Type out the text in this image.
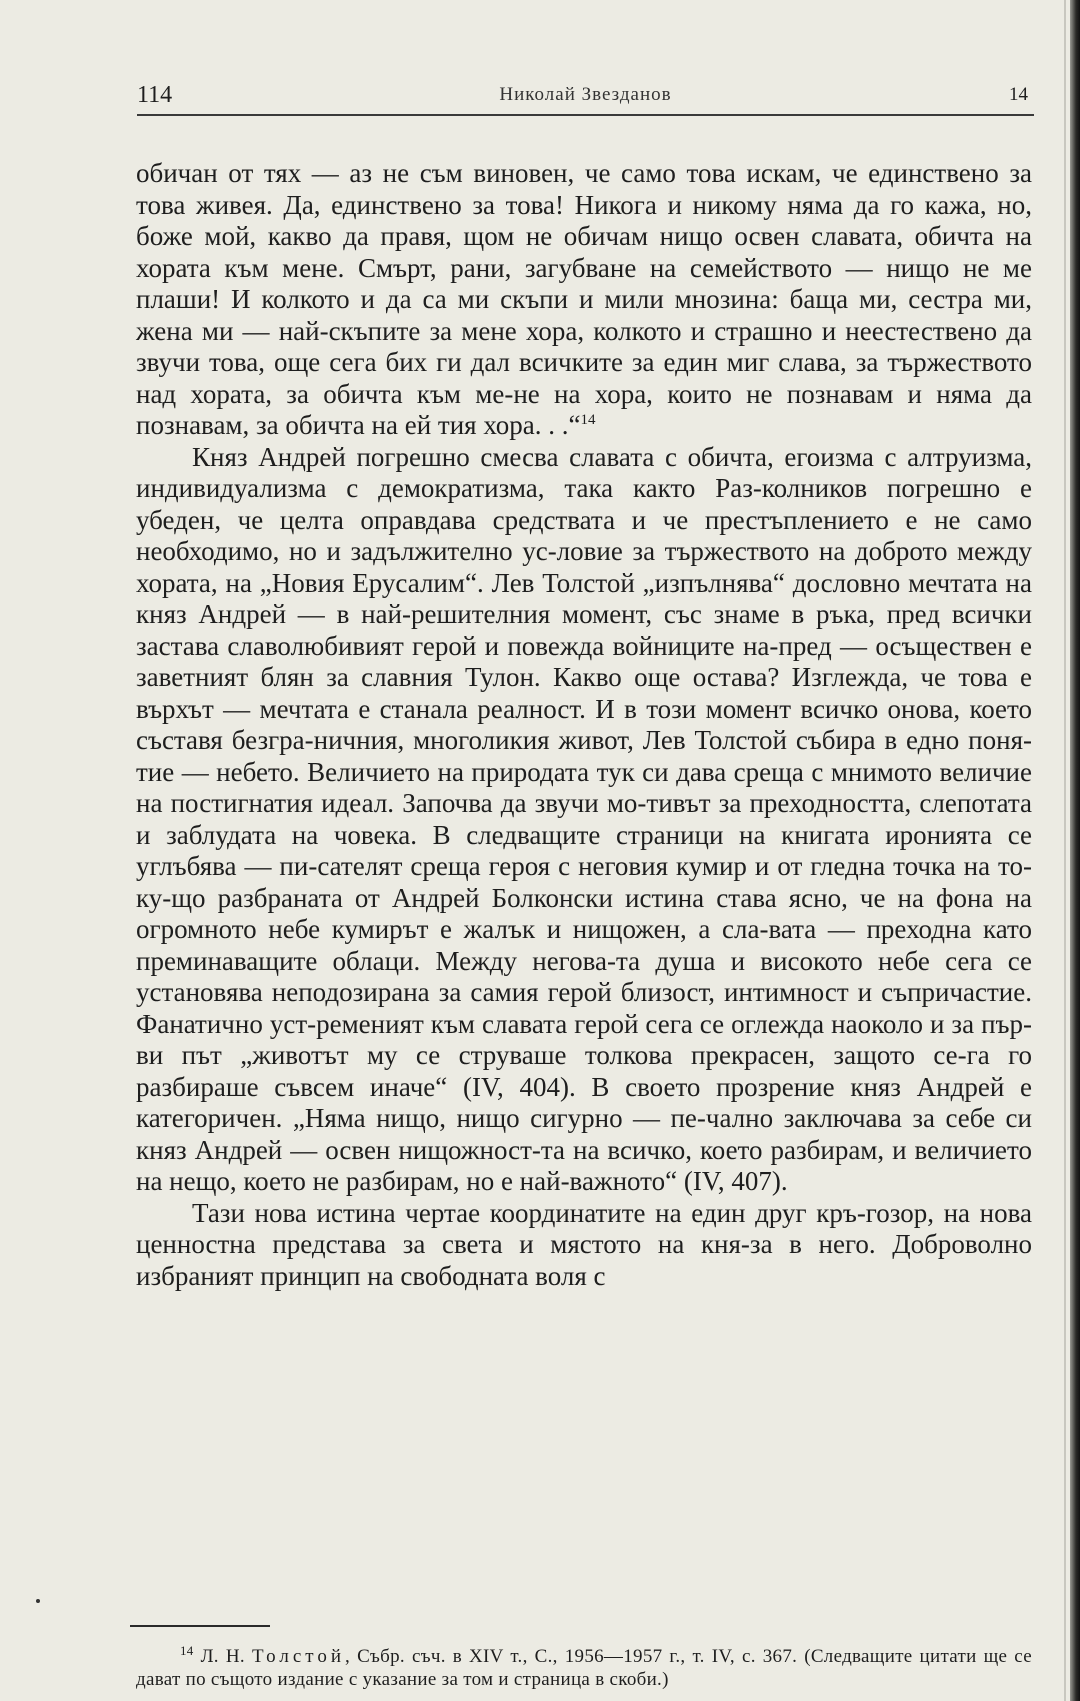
114	Николай Звезданов	14

обичан от тях — аз не съм виновен, че само това искам, че единствено за това живея. Да, единствено за това! Никога и никому няма да го кажа, но, боже мой, какво да правя, щом не обичам нищо освен славата, обичта на хората към мене. Смърт, рани, загубване на семейството — нищо не ме плаши! И колкото и да са ми скъпи и мили мнозина: баща ми, сестра ми, жена ми — най-скъпите за мене хора, колкото и страшно и неестествено да звучи това, още сега бих ги дал всичките за един миг слава, за тържеството над хората, за обичта към ме-не на хора, които не познавам и няма да познавам, за обичта на ей тия хора. . .“$^{14}$

Княз Андрей погрешно смесва славата с обичта, егоизма с алтруизма, индивидуализма с демократизма, така както Раз-колников погрешно е убеден, че целта оправдава средствата и че престъплението е не само необходимо, но и задължително ус-ловие за тържеството на доброто между хората, на „Новия Ерусалим“. Лев Толстой „изпълнява“ дословно мечтата на княз Андрей — в най-решителния момент, със знаме в ръка, пред всички застава славолюбивият герой и повежда войниците на-пред — осъществен е заветният блян за славния Тулон. Какво още остава? Изглежда, че това е върхът — мечтата е станала реалност. И в този момент всичко онова, което съставя безгра-ничния, многоликия живот, Лев Толстой събира в едно поня-тие — небето. Величието на природата тук си дава среща с мнимото величие на постигнатия идеал. Започва да звучи мо-тивът за преходността, слепотата и заблудата на човека. В следващите страници на книгата иронията се углъбява — пи-сателят среща героя с неговия кумир и от гледна точка на то-ку-що разбраната от Андрей Болконски истина става ясно, че на фона на огромното небе кумирът е жалък и нищожен, а сла-вата — преходна като преминаващите облаци. Между негова-та душа и високото небе сега се установява неподозирана за самия герой близост, интимност и съпричастие. Фанатично уст-ременият към славата герой сега се оглежда наоколо и за пър-ви път „животът му се струваше толкова прекрасен, защото се-га го разбираше съвсем иначе“ (IV, 404). В своето прозрение княз Андрей е категоричен. „Няма нищо, нищо сигурно — пе-чално заключава за себе си княз Андрей — освен нищожност-та на всичко, което разбирам, и величието на нещо, което не разбирам, но е най-важното“ (IV, 407).

Тази нова истина чертае координатите на един друг кръ-гозор, на нова ценностна представа за света и мястото на кня-за в него. Доброволно избраният принцип на свободната воля с

$^{14}$ Л. Н. Толстой, Събр. съч. в XIV т., С., 1956—1957 г., т. IV, с. 367. (Следващите цитати ще се дават по същото издание с указание за том и страница в скоби.)
